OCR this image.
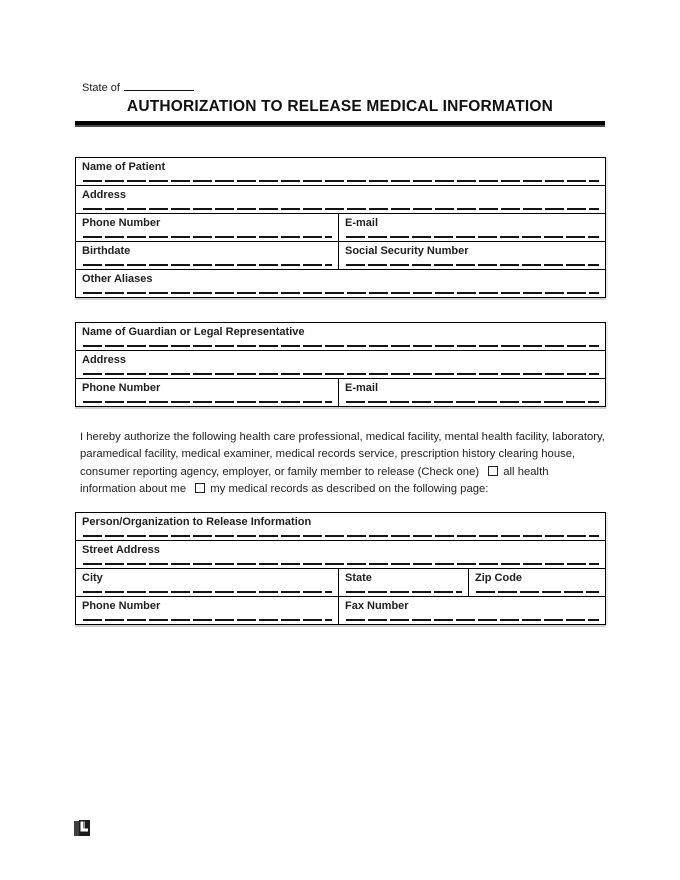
State of
AUTHORIZATION TO RELEASE MEDICAL INFORMATION
Name of Patient	

Address	

Phone Number	E-mail

Birthdate	Social Security Number

Other Aliases	
Name of Guardian or Legal Representative

Address

Phone Number	E-mail

I hereby authorize the following health care professional, medical facility, mental health facility, laboratory, paramedical facility, medical examiner, medical records service, prescription history clearing house, consumer reporting agency, employer, or family member to release (Check one) all health information about me my medical records as described on the following page:

Person/Organization to Release Information		

Street Address		

City	State	Zip Code

Phone Number	Fax Number	
